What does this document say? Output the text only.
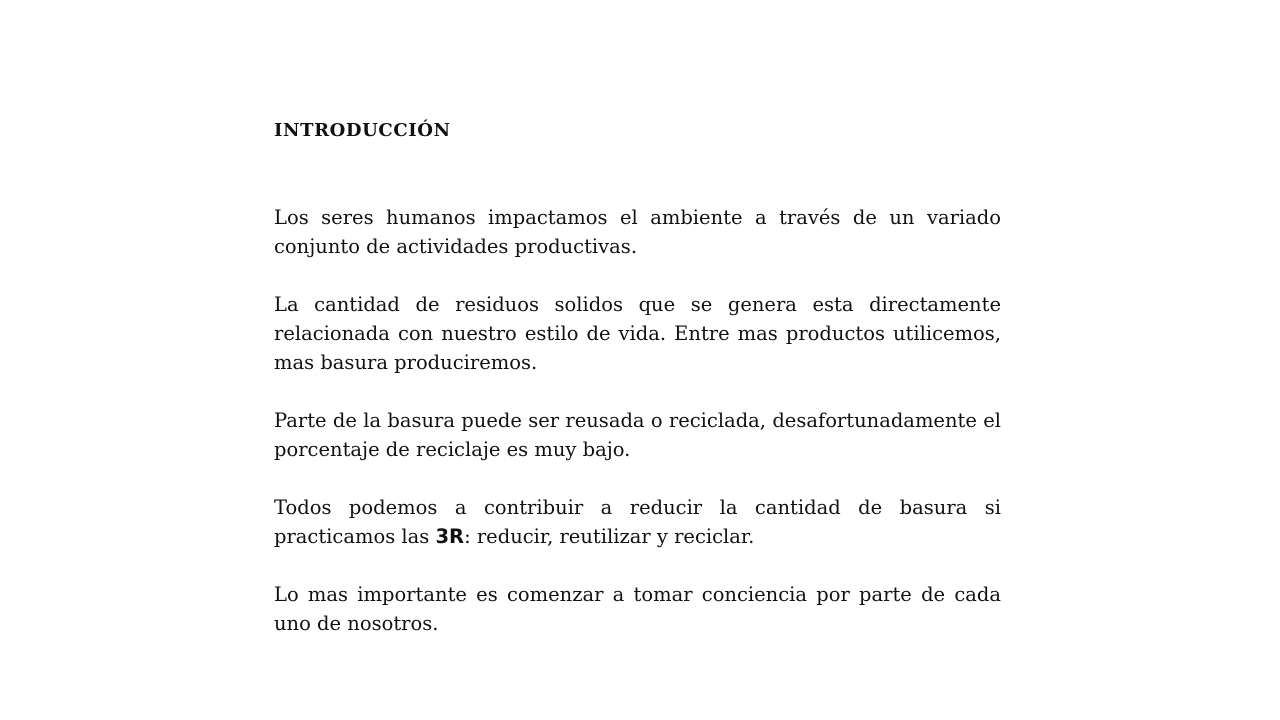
INTRODUCCIÓN

Los seres humanos impactamos el ambiente a través de un variado conjunto de actividades productivas.

La cantidad de residuos solidos que se genera esta directamente relacionada con nuestro estilo de vida. Entre mas productos utilicemos, mas basura produciremos.

Parte de la basura puede ser reusada o reciclada, desafortunadamente el porcentaje de reciclaje es muy bajo.

Todos podemos a contribuir a reducir la cantidad de basura si practicamos las 3R: reducir, reutilizar y reciclar.

Lo mas importante es comenzar a tomar conciencia por parte de cada uno de nosotros.
